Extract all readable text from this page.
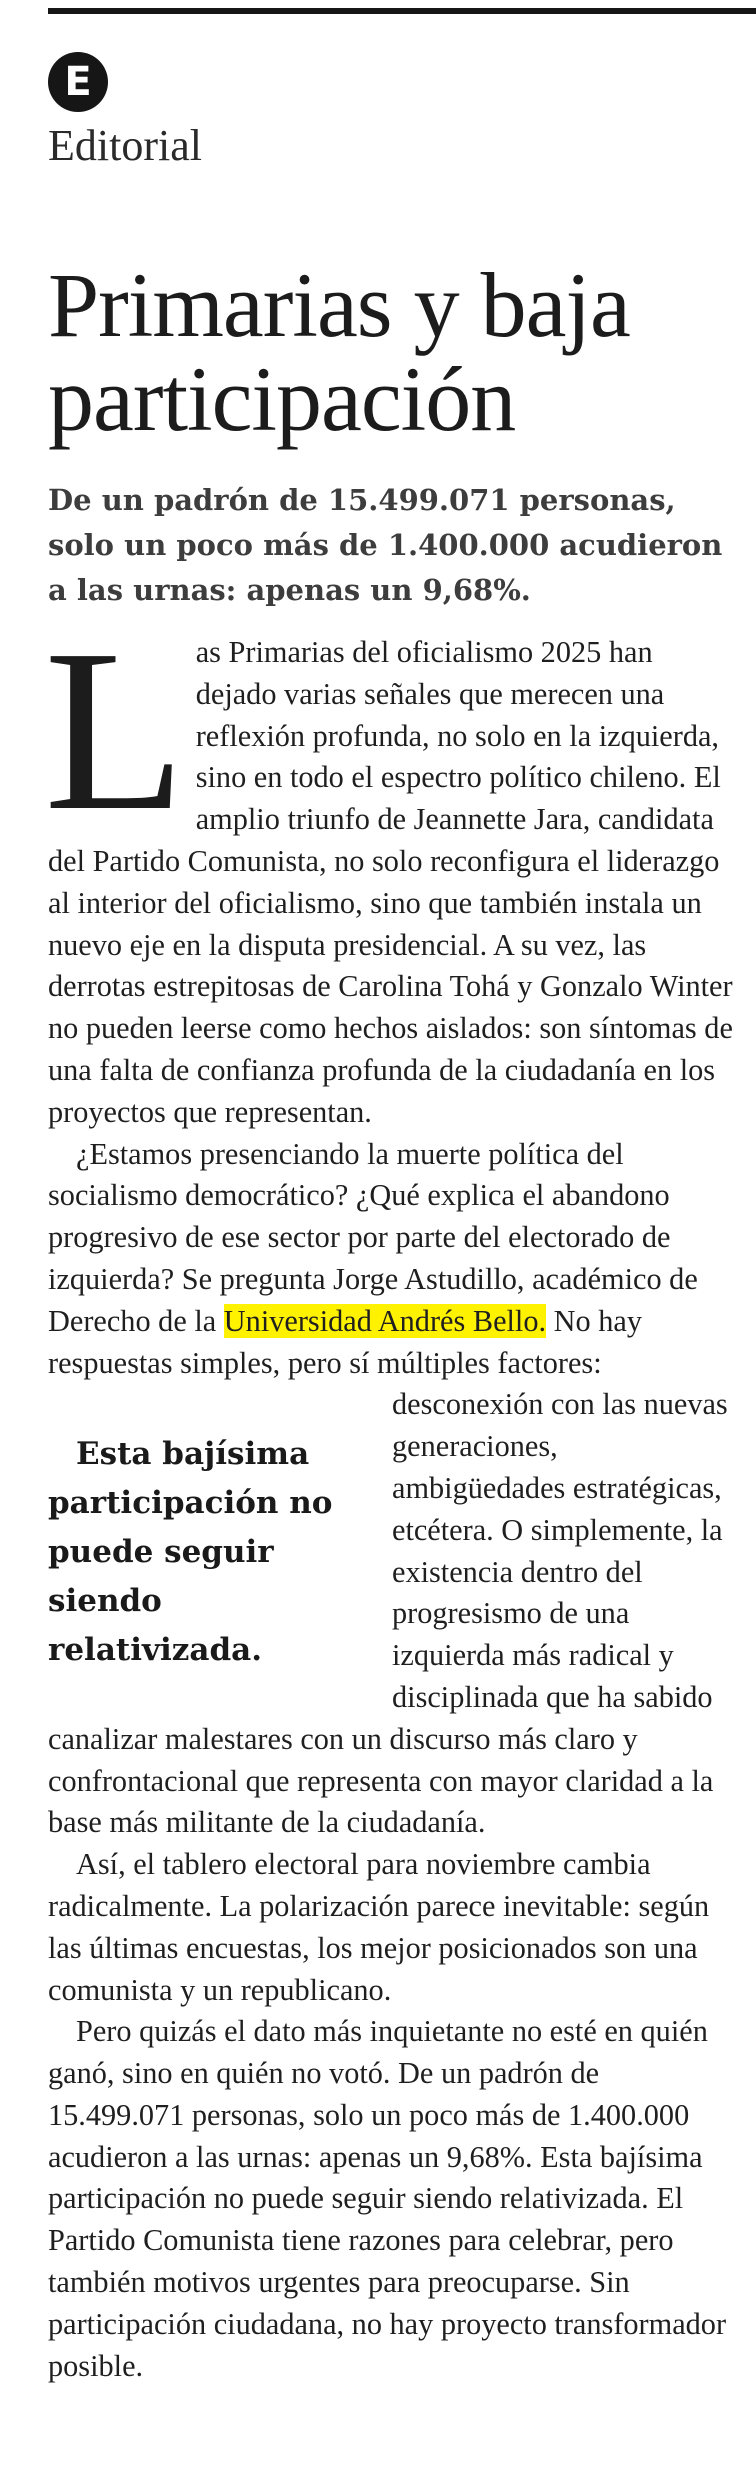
E
Editorial
Primarias y baja participación

De un padrón de 15.499.071 personas, solo un poco más de 1.400.000 acudieron a las urnas: apenas un 9,68%.

Las Primarias del oficialismo 2025 han dejado varias señales que merecen una reflexión profunda, no solo en la izquierda, sino en todo el espectro político chileno. El amplio triunfo de Jeannette Jara, candidata del Partido Comunista, no solo reconfigura el liderazgo al interior del oficialismo, sino que también instala un nuevo eje en la disputa presidencial. A su vez, las derrotas estrepitosas de Carolina Tohá y Gonzalo Winter no pueden leerse como hechos aislados: son síntomas de una falta de confianza profunda de la ciudadanía en los proyectos que representan.

¿Estamos presenciando la muerte política del socialismo democrático? ¿Qué explica el abandono progresivo de ese sector por parte del electorado de izquierda? Se pregunta Jorge Astudillo, académico de Derecho de la Universidad Andrés Bello. No hay respuestas simples, pero sí múltiples factores: desconexión c
Esta bajísima participación no puede seguir siendo relativizada.
on las nuevas generaciones, ambigüedades estratégicas, etcétera. O simplemente, la existencia dentro del progresismo de una izquierda más radical y disciplinada que ha sabido canalizar malestares con un discurso más claro y confrontacional que representa con mayor claridad a la base más militante de la ciudadanía.

Así, el tablero electoral para noviembre cambia radicalmente. La polarización parece inevitable: según las últimas encuestas, los mejor posicionados son una comunista y un republicano.

Pero quizás el dato más inquietante no esté en quién ganó, sino en quién no votó. De un padrón de 15.499.071 personas, solo un poco más de 1.400.000 acudieron a las urnas: apenas un 9,68%. Esta bajísima participación no puede seguir siendo relativizada. El Partido Comunista tiene razones para celebrar, pero también motivos urgentes para preocuparse. Sin participación ciudadana, no hay proyecto transformador posible.
